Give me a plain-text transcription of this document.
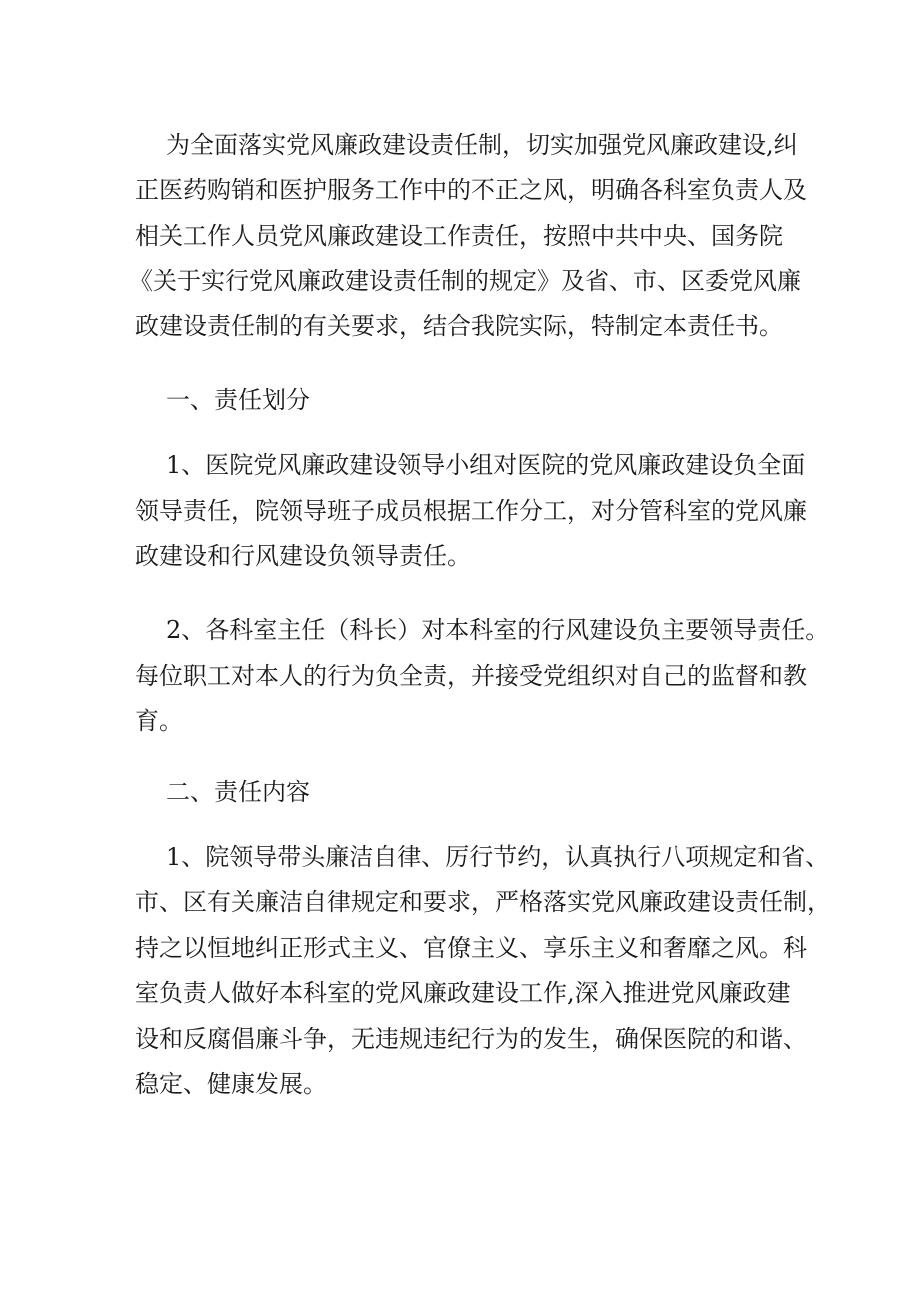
为全面落实党风廉政建设责任制，切实加强党风廉政建设,纠
正医药购销和医护服务工作中的不正之风，明确各科室负责人及
相关工作人员党风廉政建设工作责任，按照中共中央、国务院
《关于实行党风廉政建设责任制的规定》及省、市、区委党风廉
政建设责任制的有关要求，结合我院实际，特制定本责任书。
一、责任划分
1、医院党风廉政建设领导小组对医院的党风廉政建设负全面
领导责任，院领导班子成员根据工作分工，对分管科室的党风廉
政建设和行风建设负领导责任。
2、各科室主任（科长）对本科室的行风建设负主要领导责任。
每位职工对本人的行为负全责，并接受党组织对自己的监督和教
育。
二、责任内容
1、院领导带头廉洁自律、厉行节约，认真执行八项规定和省、
市、区有关廉洁自律规定和要求，严格落实党风廉政建设责任制，
持之以恒地纠正形式主义、官僚主义、享乐主义和奢靡之风。科
室负责人做好本科室的党风廉政建设工作,深入推进党风廉政建
设和反腐倡廉斗争，无违规违纪行为的发生，确保医院的和谐、
稳定、健康发展。
